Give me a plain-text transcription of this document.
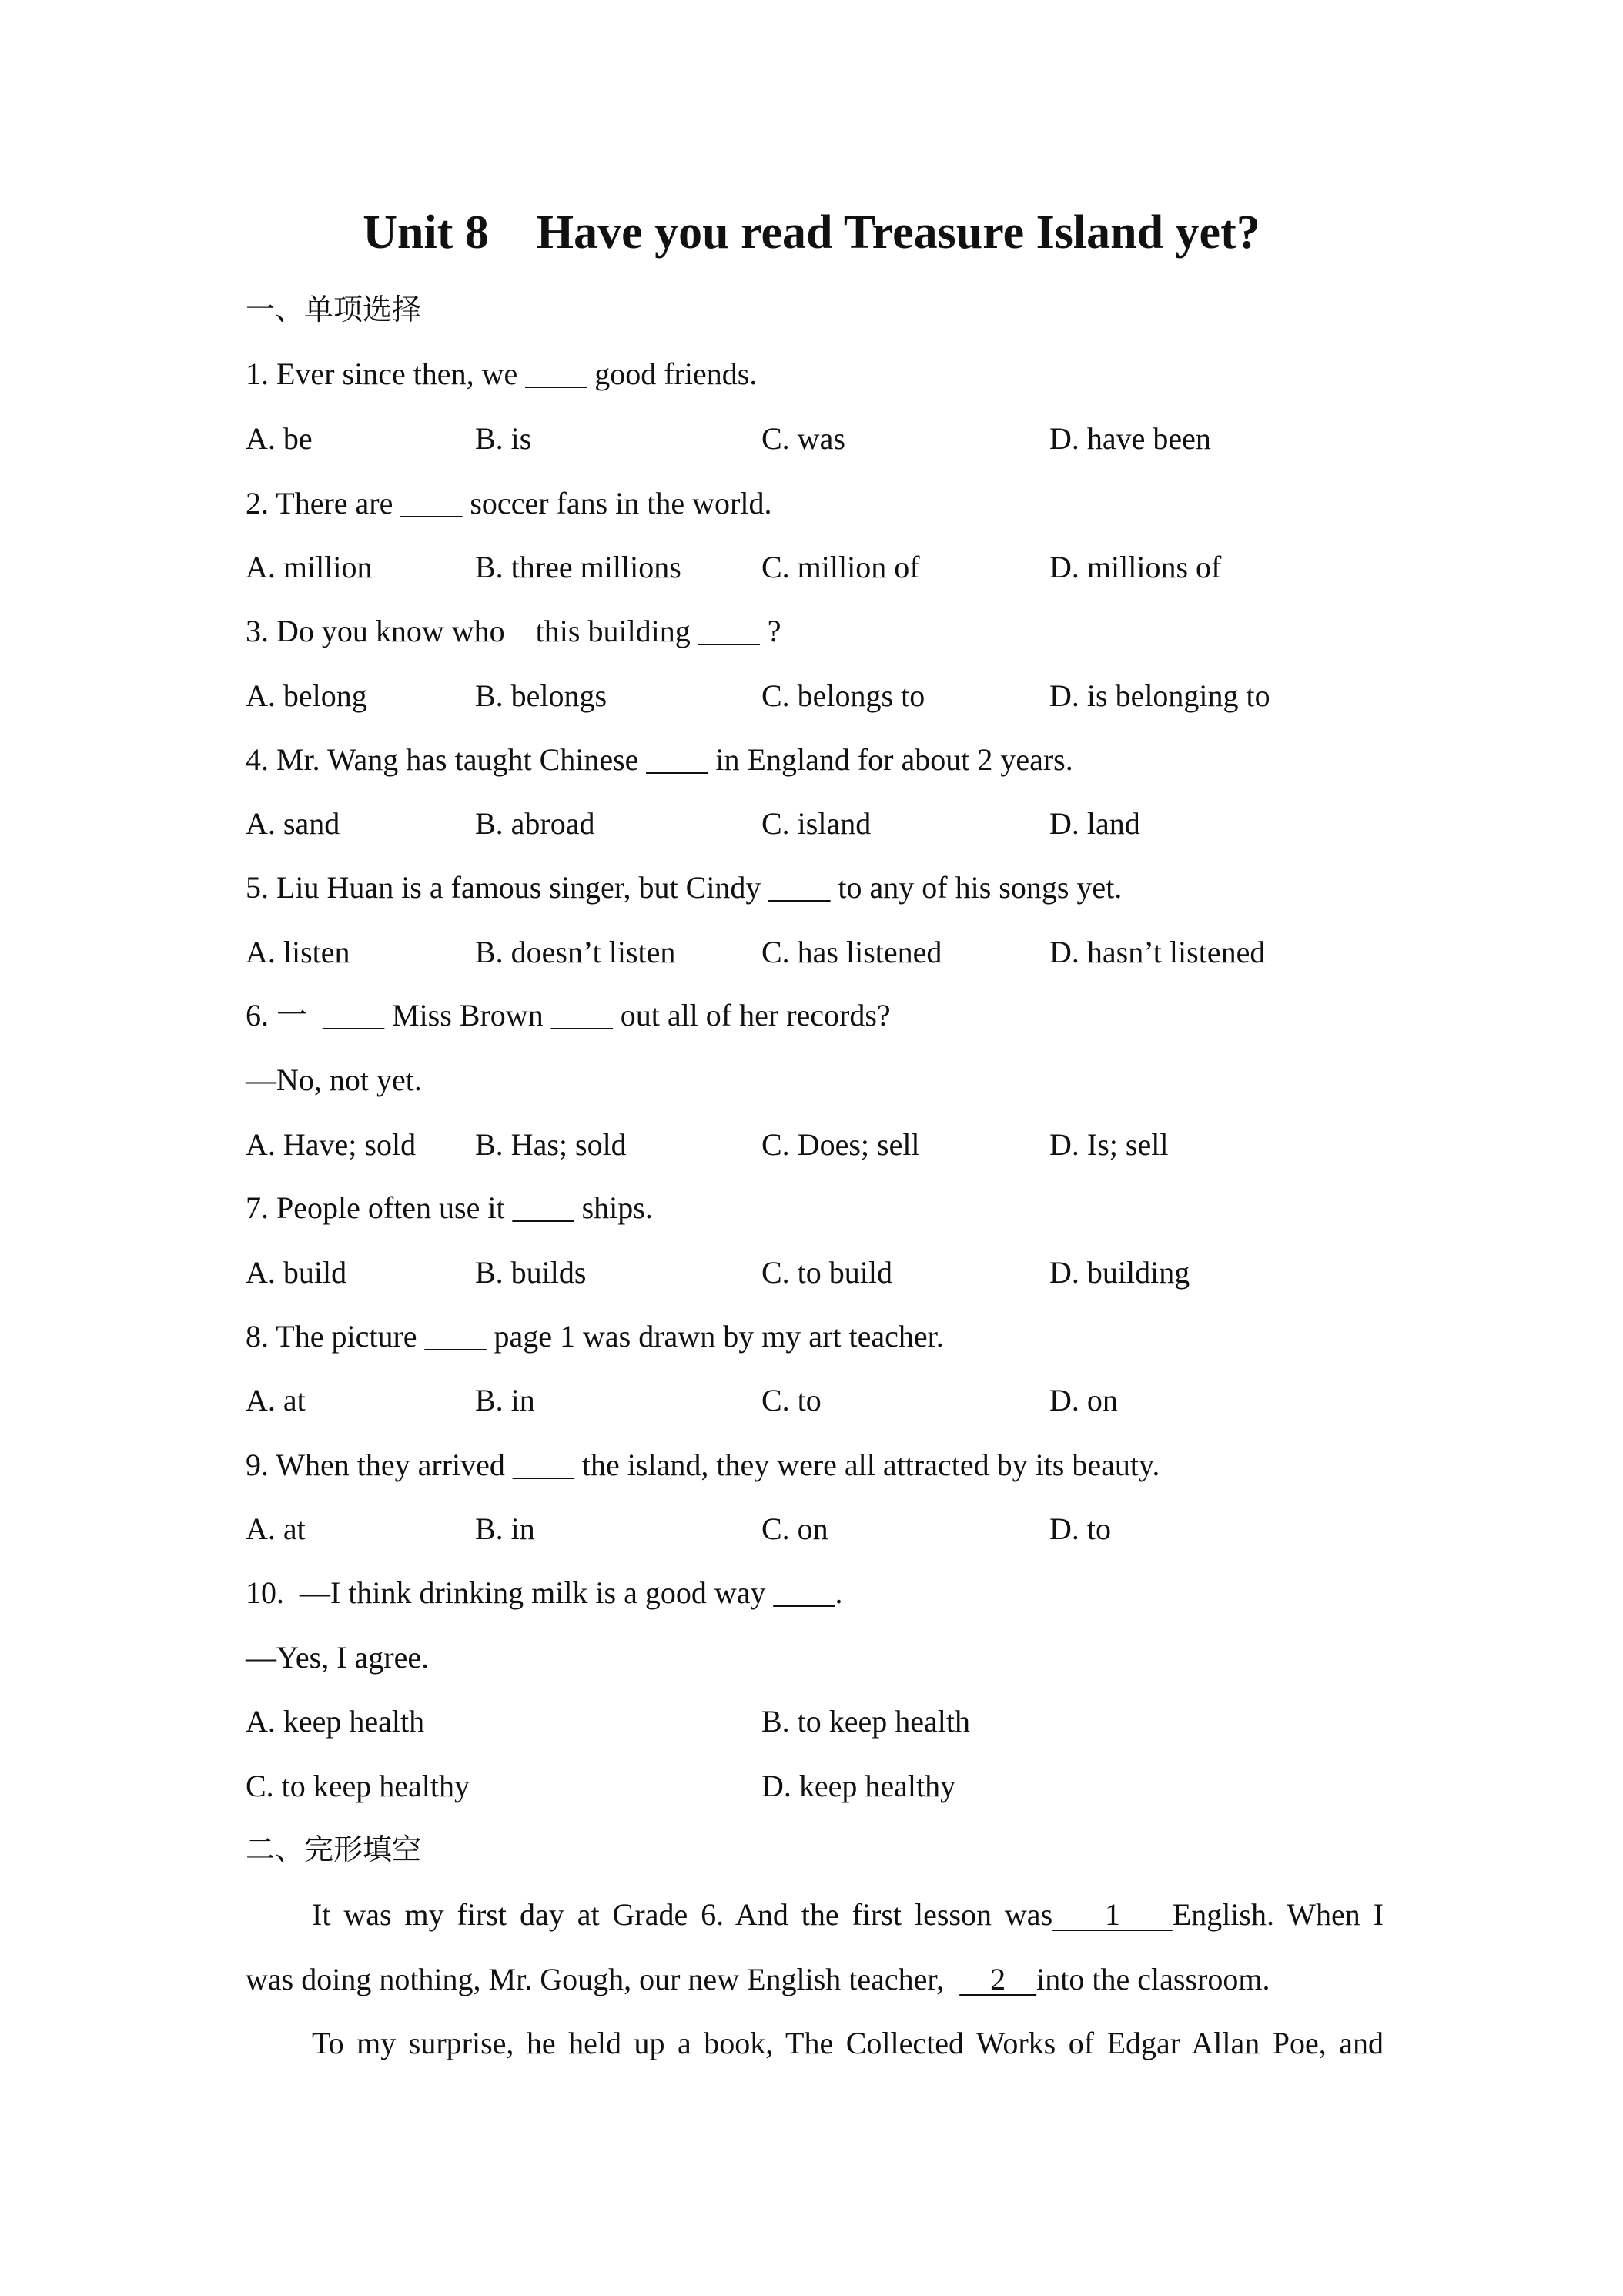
Unit 8    Have you read Treasure Island yet?
一、单项选择
1. Ever since then, we ____ good friends.
A. be	B. is	C. was	D. have been
2. There are ____ soccer fans in the world.
A. million	B. three millions	C. million of	D. millions of
3. Do you know who    this building ____ ?
A. belong	B. belongs	C. belongs to	D. is belonging to
4. Mr. Wang has taught Chinese ____ in England for about 2 years.
A. sand	B. abroad	C. island	D. land
5. Liu Huan is a famous singer, but Cindy ____ to any of his songs yet.
A. listen	B. doesn’t listen	C. has listened	D. hasn’t listened
6. 一  ____ Miss Brown ____ out all of her records?
—No, not yet.
A. Have; sold B. Has; sold	C. Does; sell	D. Is; sell
7. People often use it ____ ships.
A. build	B. builds	C. to build	D. building
8. The picture ____ page 1 was drawn by my art teacher.
A. at	B. in	C. to	D. on
9. When they arrived ____ the island, they were all attracted by its beauty.
A. at	B. in	C. on	D. to
10.  —I think drinking milk is a good way ____.
—Yes, I agree.
A. keep health	B. to keep health
C. to keep healthy	D. keep healthy
二、完形填空
It was my first day at Grade 6. And the first lesson was    1    English. When I
was doing nothing, Mr. Gough, our new English teacher,      2    into the classroom.
To my surprise, he held up a book, The Collected Works of Edgar Allan Poe, and
